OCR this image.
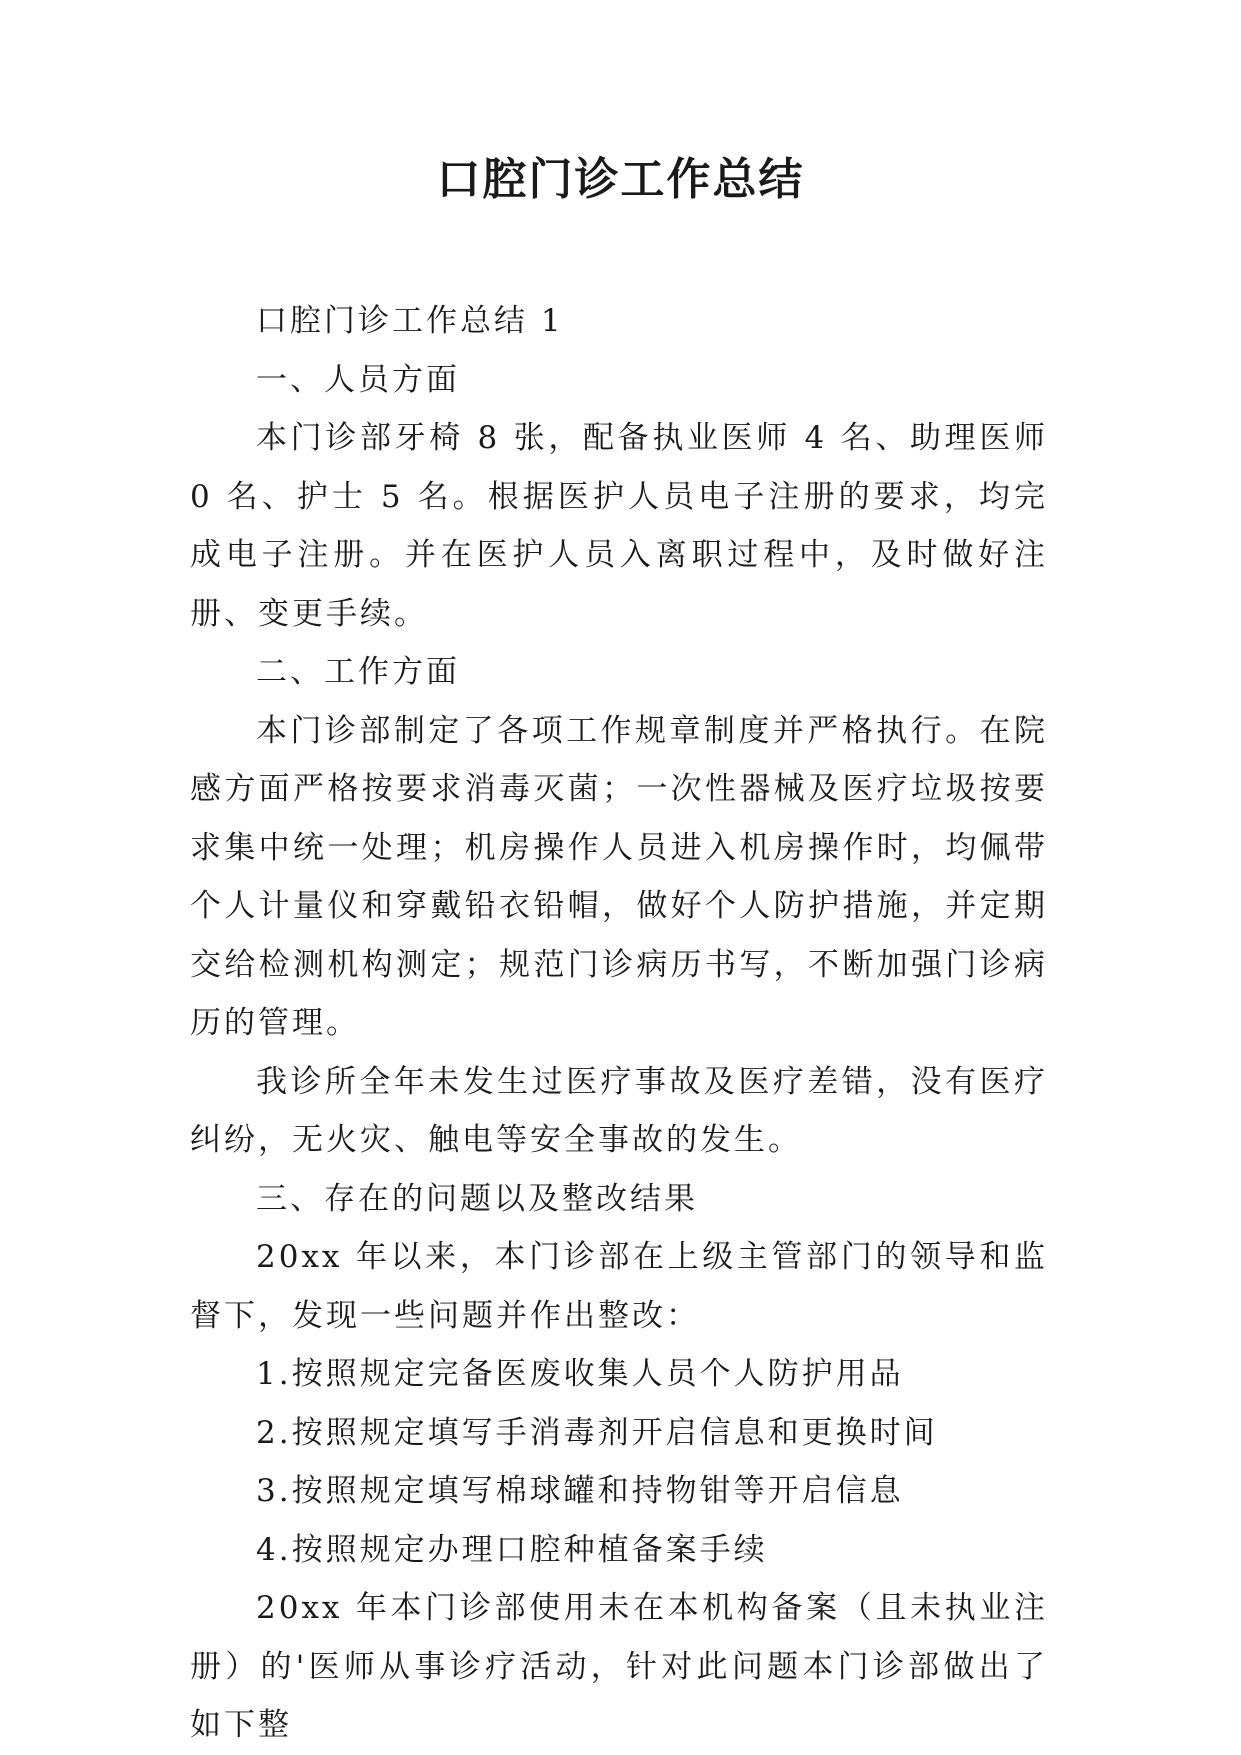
口腔门诊工作总结

口腔门诊工作总结 1

一、人员方面

本门诊部牙椅 8 张，配备执业医师 4 名、助理医师 0 名、护士 5 名。根据医护人员电子注册的要求，均完成电子注册。并在医护人员入离职过程中，及时做好注册、变更手续。

二、工作方面

本门诊部制定了各项工作规章制度并严格执行。在院感方面严格按要求消毒灭菌；一次性器械及医疗垃圾按要求集中统一处理；机房操作人员进入机房操作时，均佩带个人计量仪和穿戴铅衣铅帽，做好个人防护措施，并定期交给检测机构测定；规范门诊病历书写，不断加强门诊病历的管理。

我诊所全年未发生过医疗事故及医疗差错，没有医疗纠纷，无火灾、触电等安全事故的发生。

三、存在的问题以及整改结果

20xx 年以来，本门诊部在上级主管部门的领导和监督下，发现一些问题并作出整改：

1.按照规定完备医废收集人员个人防护用品

2.按照规定填写手消毒剂开启信息和更换时间

3.按照规定填写棉球罐和持物钳等开启信息

4.按照规定办理口腔种植备案手续

20xx 年本门诊部使用未在本机构备案（且未执业注册）的'医师从事诊疗活动，针对此问题本门诊部做出了如下整
